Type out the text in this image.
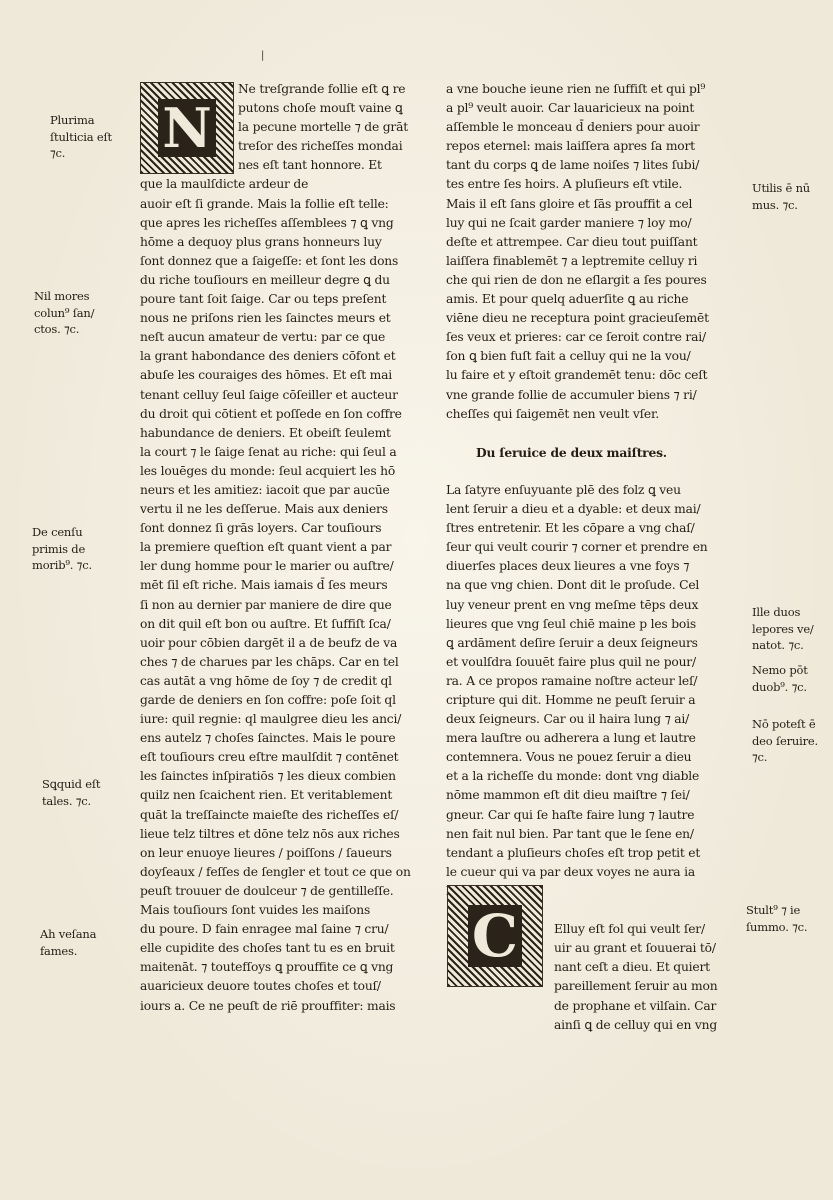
|
Plurima
ſtulticia eſt
⁊c.
Nil mores
colun⁹ ſan/
ctos. ⁊c.
De cenſu
primis de
morib⁹. ⁊c.
Sꝗquid eſt
tales. ⁊c.
Ah veſana
fames.
Utilis ē nū
mus. ⁊c.
Ille duos
lepores ve/
natot. ⁊c.
Nemo pōt
duob⁹. ⁊c.
Nō poteſt ē
deo ſeruire.
⁊c.
Stult⁹ ⁊ ie
ſummo. ⁊c.
N
Ne treſgrande follie eſt ꝗ re
putons choſe mouſt vaine ꝗ
la pecune mortelle ⁊ de grāt
treſor des richeſſes mondai
nes eſt tant honnore. Et
que la maulſdicte ardeur de
auoir eſt ſi grande. Mais la follie eſt telle:
que apres les richeſſes aſſemblees ⁊ ꝗ vng
hōme a dequoy plus grans honneurs luy
ſont donnez que a ſaigeſſe: et ſont les dons
du riche touſiours en meilleur degre ꝗ du
poure tant ſoit ſaige. Car ou teps preſent
nous ne priſons rien les ſainctes meurs et
neſt aucun amateur de vertu: par ce que
la grant habondance des deniers cōfont et
abuſe les couraiges des hōmes. Et eſt mai
tenant celluy ſeul ſaige cōſeiller et aucteur
du droit qui cōtient et poſſede en ſon coffre
habundance de deniers. Et obeiſt ſeulemt
la court ⁊ le ſaige ſenat au riche: qui ſeul a
les louēges du monde: ſeul acquiert les hō
neurs et les amitiez: iacoit que par aucūe
vertu il ne les deſſerue. Mais aux deniers
ſont donnez ſi grās loyers. Car touſiours
la premiere queſtion eſt quant vient a par
ler dung homme pour le marier ou auſtre/
mēt ſil eſt riche. Mais iamais d̄ ſes meurs
ſi non au dernier par maniere de dire que
on dit quil eſt bon ou auſtre. Et ſuffiſt ſca/
uoir pour cōbien dargēt il a de beufz de va
ches ⁊ de charues par les chāps. Car en tel
cas autāt a vng hōme de ſoy ⁊ de credit ql
garde de deniers en ſon coffre: poſe ſoit ql
iure: quil regnie: ql maulgree dieu les anci/
ens autelz ⁊ choſes ſainctes. Mais le poure
eſt touſiours creu eſtre maulſdit ⁊ contēnet
les ſainctes inſpiratiōs ⁊ les dieux combien
quilz nen ſcaichent rien. Et veritablement
quāt la treſſaincte maieſte des richeſſes eſ/
lieue telz tiltres et dōne telz nōs aux riches
on leur enuoye lieures / poiſſons / ſaueurs
doyſeaux / feſſes de ſengler et tout ce que on
peuſt trouuer de doulceur ⁊ de gentilleſſe.
Mais touſiours ſont vuides les maiſons
du poure. D fain enragee mal ſaine ⁊ cru/
elle cupidite des choſes tant tu es en bruit
maitenāt. ⁊ toutefſoys ꝗ prouffite ce ꝗ vng
auaricieux deuore toutes choſes et touſ/
iours a. Ce ne peuſt de riē prouffiter: mais
a vne bouche ieune rien ne ſuffiſt et qui pl⁹
a pl⁹ veult auoir. Car lauaricieux na point
aſſemble le monceau d̄ deniers pour auoir
repos eternel: mais laiſſera apres ſa mort
tant du corps ꝗ de lame noiſes ⁊ lites ſubi/
tes entre ſes hoirs. A pluſieurs eſt vtile.
Mais il eſt ſans gloire et ſās prouffit a cel
luy qui ne ſcait garder maniere ⁊ loy mo/
deſte et attrempee. Car dieu tout puiſſant
laiſſera finablemēt ⁊ a leptremite celluy ri
che qui rien de don ne eſlargit a ſes poures
amis. Et pour quelq aduerſite ꝗ au riche
viēne dieu ne receptura point gracieuſemēt
ſes veux et prieres: car ce ſeroit contre rai/
ſon ꝗ bien fuſt fait a celluy qui ne la vou/
lu faire et y eſtoit grandemēt tenu: dōc ceſt
vne grande follie de accumuler biens ⁊ ri/
cheſſes qui ſaigemēt nen veult vſer.
Du ſeruice de deux maiſtres.
La ſatyre enſuyuante plē des folz ꝗ veu
lent ſeruir a dieu et a dyable: et deux mai/
ſtres entretenir. Et les cōpare a vng chaſ/
ſeur qui veult courir ⁊ corner et prendre en
diuerſes places deux lieures a vne foys ⁊
na que vng chien. Dont dit le proſude. Cel
luy veneur prent en vng meſme tēps deux
lieures que vng ſeul chiē maine p les bois
ꝗ ardāment deſire ſeruir a deux ſeigneurs
et voulſdra ſouuēt faire plus quil ne pour/
ra. A ce propos ramaine noſtre acteur leſ/
cripture qui dit. Homme ne peuſt ſeruir a
deux ſeigneurs. Car ou il haira lung ⁊ ai/
mera lauſtre ou adherera a lung et lautre
contemnera. Vous ne pouez ſeruir a dieu
et a la richeſſe du monde: dont vng diable
nōme mammon eſt dit dieu maiſtre ⁊ ſei/
gneur. Car qui ſe haſte faire lung ⁊ lautre
nen fait nul bien. Par tant que le ſene en/
tendant a pluſieurs choſes eſt trop petit et
le cueur qui va par deux voyes ne aura ia
Elluy eſt fol qui veult ſer/
uir au grant et ſouuerai tō/
nant ceſt a dieu. Et quiert
pareillement ſeruir au mon
de prophane et vilſain. Car
ainſi ꝗ de celluy qui en vng
C
